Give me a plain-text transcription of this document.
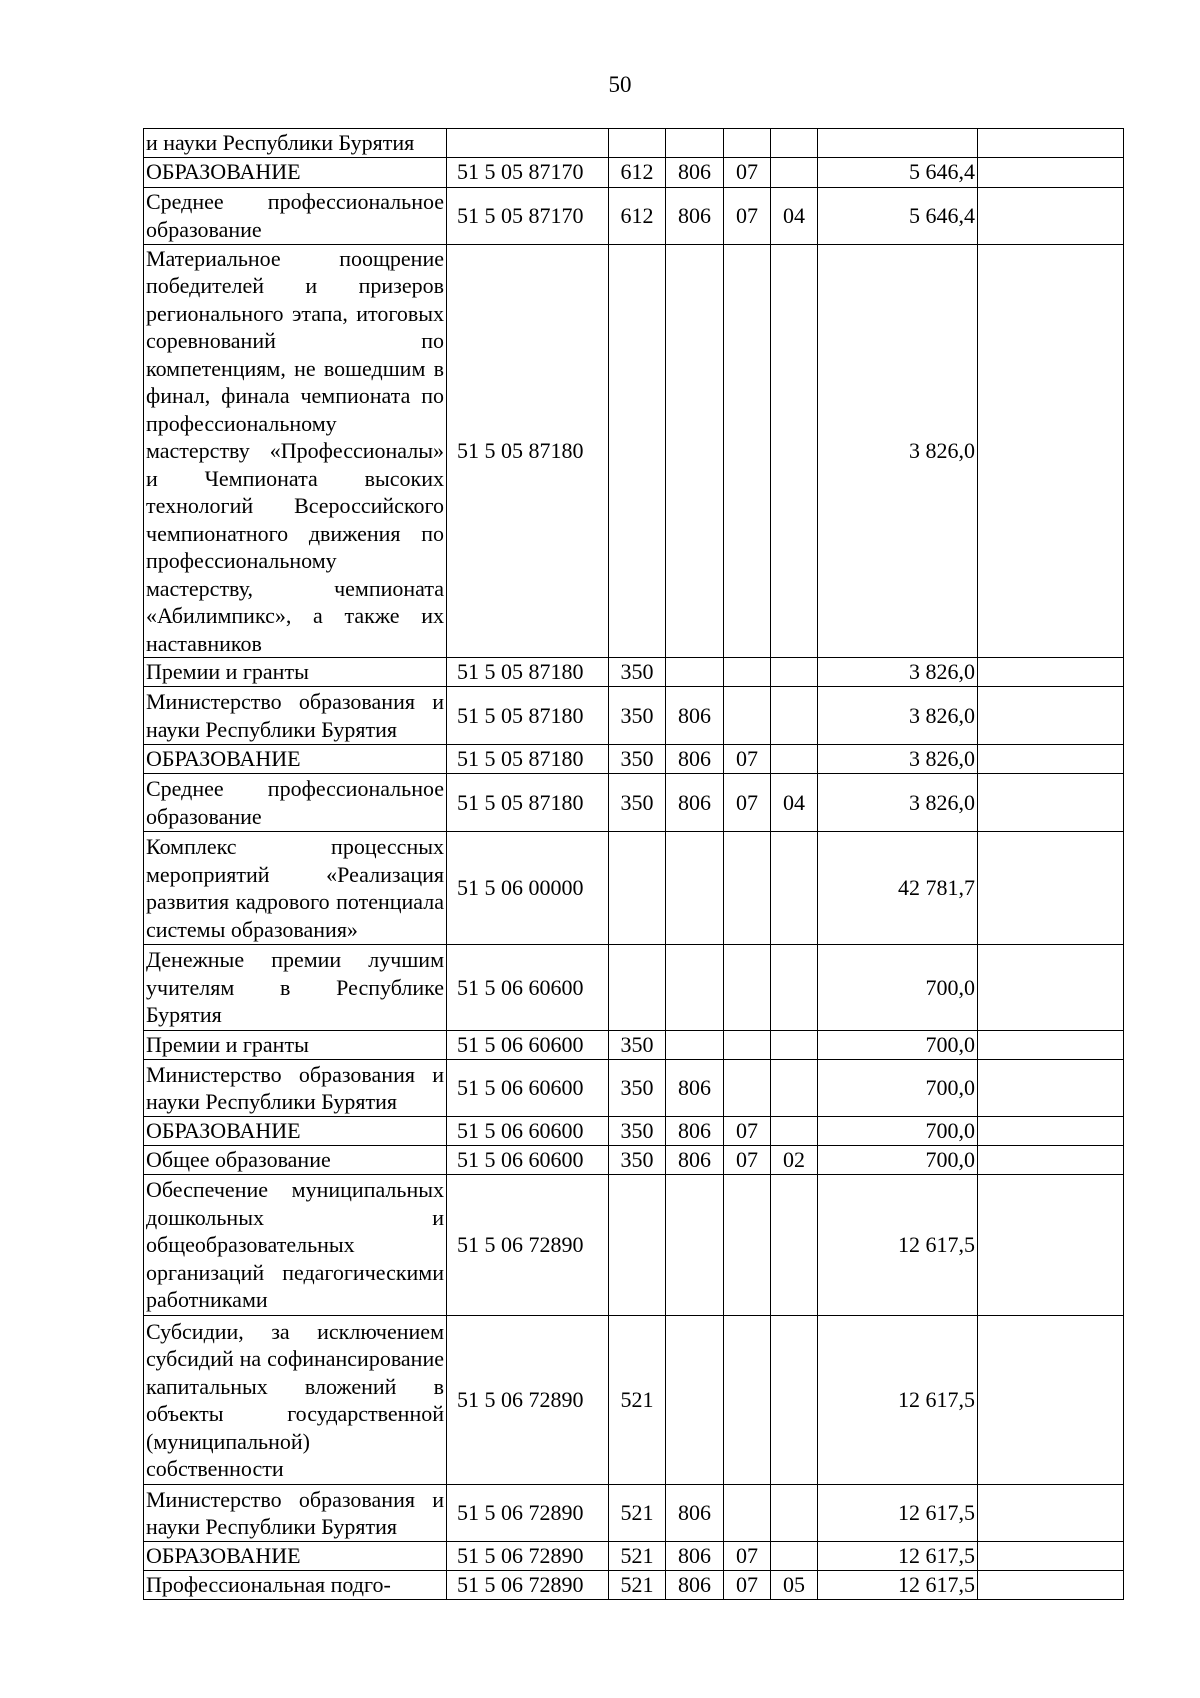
50
и науки Республики Бурятия							
ОБРАЗОВАНИЕ	51 5 05 87170	612	806	07		5 646,4	
Среднее профессиональное образование	51 5 05 87170	612	806	07	04	5 646,4	
Материальное поощрение победителей и призеров регионального этапа, итоговых соревнований по компетенциям, не вошедшим в финал, финала чемпионата по профессиональному мастерству «Профессионалы» и Чемпионата высоких технологий Всероссийского чемпионатного движения по профессиональному мастерству, чемпионата «Абилимпикс», а также их наставников	51 5 05 87180					3 826,0	
Премии и гранты	51 5 05 87180	350				3 826,0	
Министерство образования и науки Республики Бурятия	51 5 05 87180	350	806			3 826,0	
ОБРАЗОВАНИЕ	51 5 05 87180	350	806	07		3 826,0	
Среднее профессиональное образование	51 5 05 87180	350	806	07	04	3 826,0	
Комплекс процессных мероприятий «Реализация развития кадрового потенциала системы образования»	51 5 06 00000					42 781,7	
Денежные премии лучшим учителям в Республике Бурятия	51 5 06 60600					700,0	
Премии и гранты	51 5 06 60600	350				700,0	
Министерство образования и науки Республики Бурятия	51 5 06 60600	350	806			700,0	
ОБРАЗОВАНИЕ	51 5 06 60600	350	806	07		700,0	
Общее образование	51 5 06 60600	350	806	07	02	700,0	
Обеспечение муниципальных дошкольных и общеобразовательных организаций педагогическими работниками	51 5 06 72890					12 617,5	
Субсидии, за исключением субсидий на софинансирование капитальных вложений в объекты государственной (муниципальной) собственности	51 5 06 72890	521				12 617,5	
Министерство образования и науки Республики Бурятия	51 5 06 72890	521	806			12 617,5	
ОБРАЗОВАНИЕ	51 5 06 72890	521	806	07		12 617,5	
Профессиональная подго-	51 5 06 72890	521	806	07	05	12 617,5	
